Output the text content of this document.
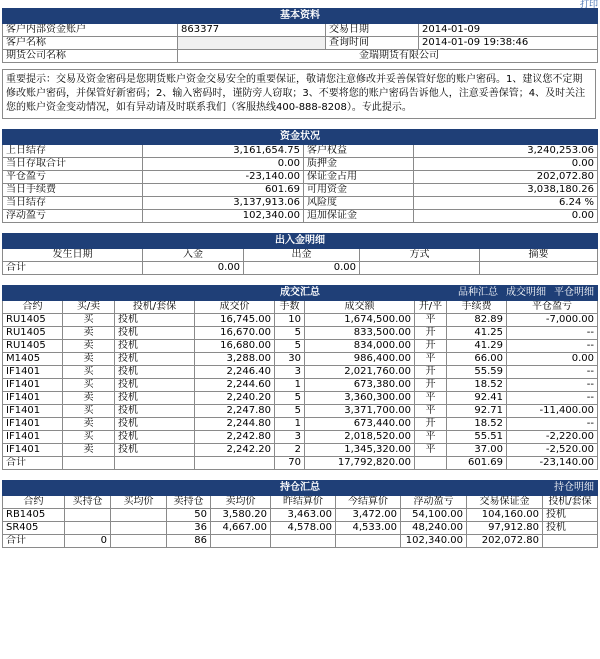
打印
基本资料			
客户内部资金账户	863377	交易日期	2014-01-09
客户名称		查询时间	2014-01-09 19:38:46
期货公司名称	金瑞期货有限公司		
重要提示：交易及资金密码是您期货账户资金交易安全的重要保证，敬请您注意修改并妥善保管好您的账户密码。1、建议您不定期修改账户密码，并保管好新密码；2、输入密码时，谨防旁人窃取；3、不要将您的账户密码告诉他人，注意妥善保管；4、及时关注您的账户资金变动情况，如有异动请及时联系我们（客服热线400-888-8208）。专此提示。
资金状况			
上日结存	3,161,654.75	客户权益	3,240,253.06
当日存取合计	0.00	质押金	0.00
平仓盈亏	-23,140.00	保证金占用	202,072.80
当日手续费	601.69	可用资金	3,038,180.26
当日结存	3,137,913.06	风险度	6.24 %
浮动盈亏	102,340.00	追加保证金	0.00
出入金明细				
发生日期	入金	出金	方式	摘要
合计	0.00	0.00		
成交汇总 品种汇总 成交明细 平仓明细								

合约	买/卖	投机/套保	成交价	手数	成交额	开/平	手续费	平仓盈亏
RU1405	买	投机	16,745.00	10	1,674,500.00	平	82.89	-7,000.00
RU1405	卖	投机	16,670.00	5	833,500.00	开	41.25	--
RU1405	卖	投机	16,680.00	5	834,000.00	开	41.29	--
M1405	卖	投机	3,288.00	30	986,400.00	平	66.00	0.00
IF1401	买	投机	2,246.40	3	2,021,760.00	开	55.59	--
IF1401	买	投机	2,244.60	1	673,380.00	开	18.52	--
IF1401	卖	投机	2,240.20	5	3,360,300.00	平	92.41	--
IF1401	买	投机	2,247.80	5	3,371,700.00	平	92.71	-11,400.00
IF1401	卖	投机	2,244.80	1	673,440.00	开	18.52	--
IF1401	买	投机	2,242.80	3	2,018,520.00	平	55.51	-2,220.00
IF1401	卖	投机	2,242.20	2	1,345,320.00	平	37.00	-2,520.00
合计				70	17,792,820.00		601.69	-23,140.00
持仓汇总 持仓明细									

合约	买持仓	买均价	卖持仓	卖均价	昨结算价	今结算价	浮动盈亏	交易保证金	投机/套保
RB1405			50	3,580.20	3,463.00	3,472.00	54,100.00	104,160.00	投机
SR405			36	4,667.00	4,578.00	4,533.00	48,240.00	97,912.80	投机
合计	0		86				102,340.00	202,072.80	
